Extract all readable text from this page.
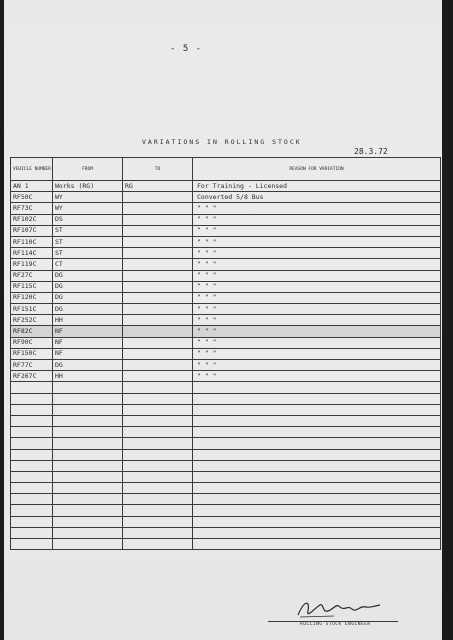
- 5 -
VARIATIONS IN ROLLING STOCK
28.3.72
VEHICLE NUMBER	FROM	TO	REASON FOR VARIATION
AN 1	Works (RG)	RG	For Training - Licensed
RF50C	WY		Converted 5/8 Bus
RF73C	WY		" " "
RF102C	DS		" " "
RF107C	ST		" " "
RF110C	ST		" " "
RF114C	ST		" " "
RF119C	CT		" " "
RF27C	DG		" " "
RF115C	DG		" " "
RF120C	DG		" " "
RF151C	DG		" " "
RF252C	HH		" " "
RF82C	NF		" " "
RF90C	NF		" " "
RF150C	NF		" " "
RF77C	DG		" " "
RF267C	HH		" " "

ROLLING STOCK ENGINEER
